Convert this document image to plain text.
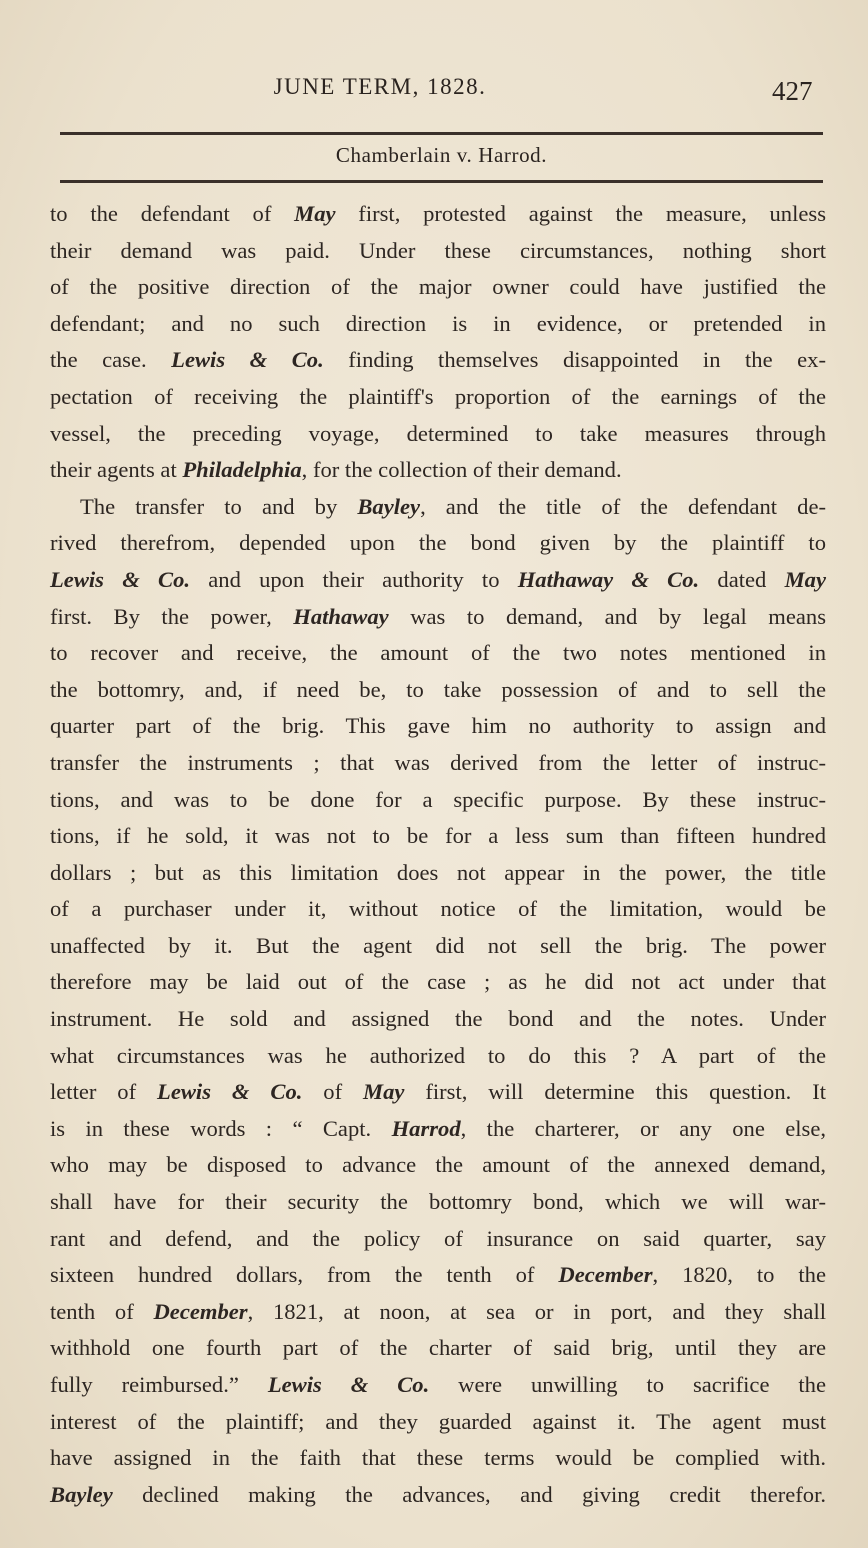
JUNE TERM, 1828.	427
Chamberlain v. Harrod.
to the defendant of May first, protested against the measure, unless
their demand was paid. Under these circumstances, nothing short
of the positive direction of the major owner could have justified the
defendant; and no such direction is in evidence, or pretended in
the case. Lewis & Co. finding themselves disappointed in the ex-
pectation of receiving the plaintiff's proportion of the earnings of the
vessel, the preceding voyage, determined to take measures through
their agents at Philadelphia, for the collection of their demand.
The transfer to and by Bayley, and the title of the defendant de-
rived therefrom, depended upon the bond given by the plaintiff to
Lewis & Co. and upon their authority to Hathaway & Co. dated May
first. By the power, Hathaway was to demand, and by legal means
to recover and receive, the amount of the two notes mentioned in
the bottomry, and, if need be, to take possession of and to sell the
quarter part of the brig. This gave him no authority to assign and
transfer the instruments ; that was derived from the letter of instruc-
tions, and was to be done for a specific purpose. By these instruc-
tions, if he sold, it was not to be for a less sum than fifteen hundred
dollars ; but as this limitation does not appear in the power, the title
of a purchaser under it, without notice of the limitation, would be
unaffected by it. But the agent did not sell the brig. The power
therefore may be laid out of the case ; as he did not act under that
instrument. He sold and assigned the bond and the notes. Under
what circumstances was he authorized to do this ? A part of the
letter of Lewis & Co. of May first, will determine this question. It
is in these words : “ Capt. Harrod, the charterer, or any one else,
who may be disposed to advance the amount of the annexed demand,
shall have for their security the bottomry bond, which we will war-
rant and defend, and the policy of insurance on said quarter, say
sixteen hundred dollars, from the tenth of December, 1820, to the
tenth of December, 1821, at noon, at sea or in port, and they shall
withhold one fourth part of the charter of said brig, until they are
fully reimbursed.” Lewis & Co. were unwilling to sacrifice the
interest of the plaintiff; and they guarded against it. The agent must
have assigned in the faith that these terms would be complied with.
Bayley declined making the advances, and giving credit therefor.
